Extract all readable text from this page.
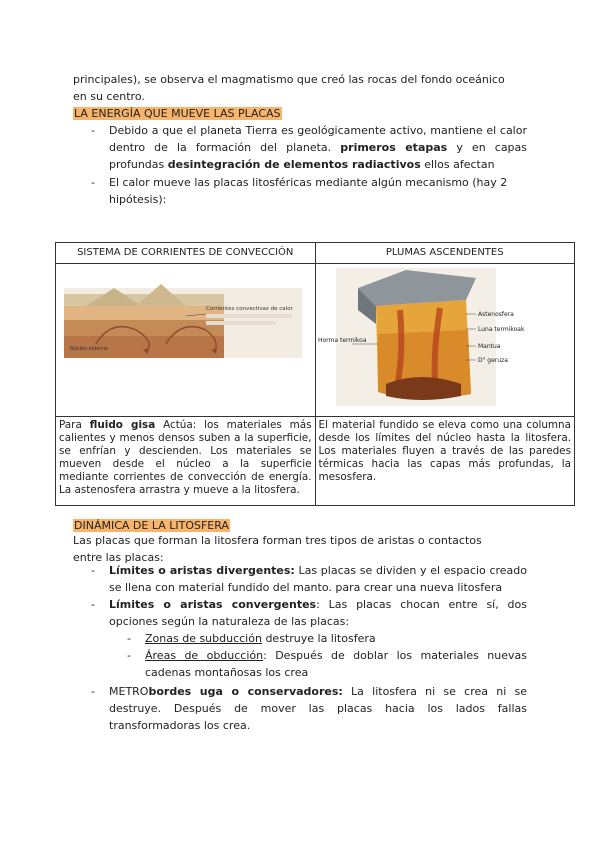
principales), se observa el magmatismo que creó las rocas del fondo oceánico
en su centro.
LA ENERGÍA QUE MUEVE LAS PLACAS
- Debido a que el planeta Tierra es geológicamente activo, mantiene el calor dentro de la formación del planeta. primeros etapas y en capas profundas desintegración de elementos radiactivos ellos afectan
- El calor mueve las placas litosféricas mediante algún mecanismo (hay 2 hipótesis):
SISTEMA DE CORRIENTES DE CONVECCIÓN	PLUMAS ASCENDENTES

Núcleo externo
Corrientes convectivas de calor	Astenosfera
Luna termikoak
Mantua
D" geruza
Horma termikoa

Para fluido gisa Actúa: los materiales más calientes y menos densos suben a la superficie, se enfrían y descienden. Los materiales se mueven desde el núcleo a la superficie mediante corrientes de convección de energía. La astenosfera arrastra y mueve a la litosfera.	El material fundido se eleva como una columna desde los límites del núcleo hasta la litosfera. Los materiales fluyen a través de las paredes térmicas hacia las capas más profundas, la mesosfera.
DINÁMICA DE LA LITOSFERA
Las placas que forman la litosfera forman tres tipos de aristas o contactos entre las placas:
- Límites o aristas divergentes: Las placas se dividen y el espacio creado se llena con material fundido del manto. para crear una nueva litosfera
- Límites o aristas convergentes: Las placas chocan entre sí, dos opciones según la naturaleza de las placas:
- Zonas de subducción destruye la litosfera
- Áreas de obducción: Después de doblar los materiales nuevas cadenas montañosas los crea
- METRObordes uga o conservadores: La litosfera ni se crea ni se destruye. Después de mover las placas hacia los lados fallas transformadoras los crea.
